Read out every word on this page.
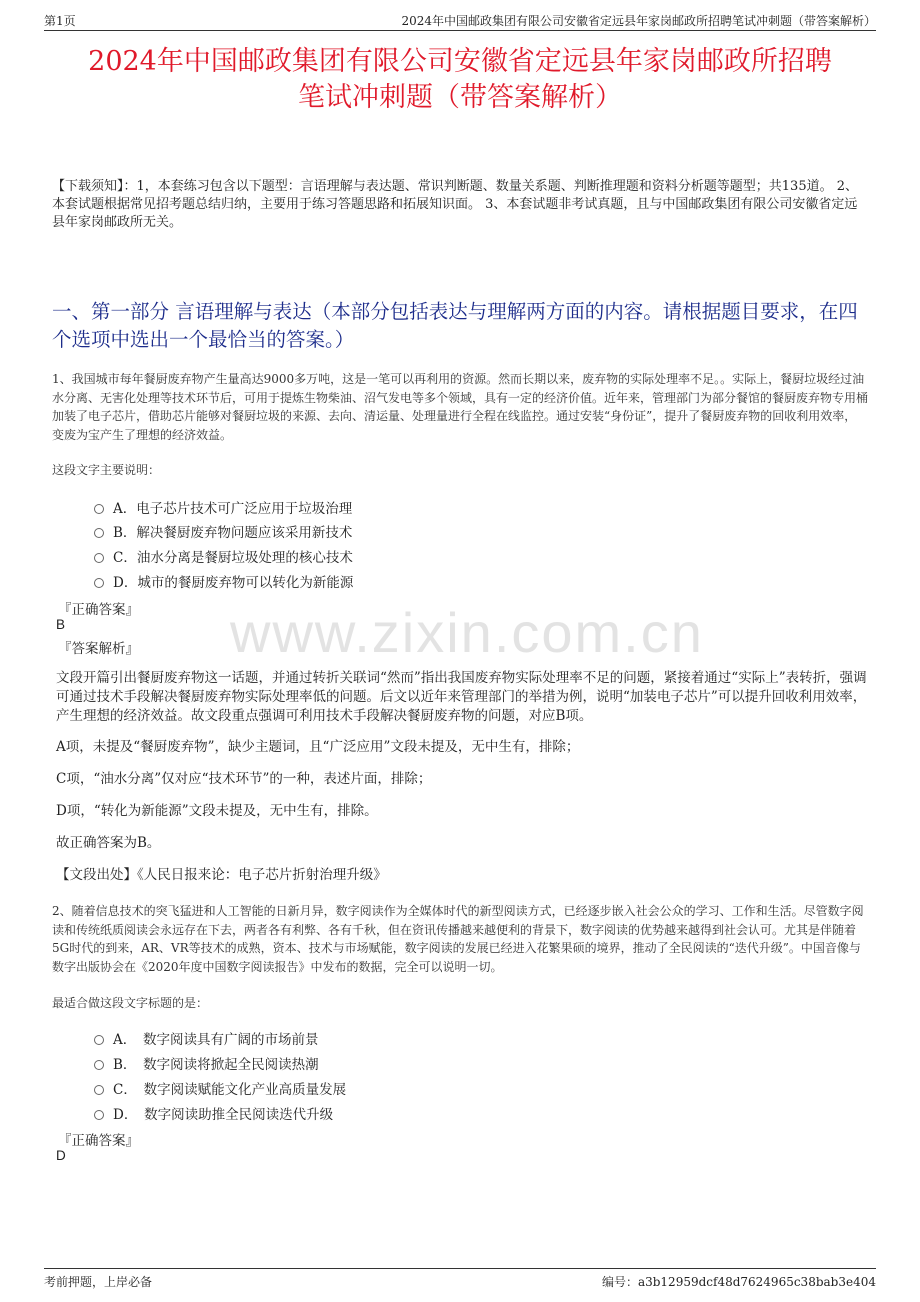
第1页	2024年中国邮政集团有限公司安徽省定远县年家岗邮政所招聘笔试冲刺题（带答案解析）
2024年中国邮政集团有限公司安徽省定远县年家岗邮政所招聘
笔试冲刺题（带答案解析）
【下载须知】：1，本套练习包含以下题型：言语理解与表达题、常识判断题、数量关系题、判断推理题和资料分析题等题型；共135道。 2、本套试题根据常见招考题总结归纳，主要用于练习答题思路和拓展知识面。 3、本套试题非考试真题，且与中国邮政集团有限公司安徽省定远县年家岗邮政所无关。
一、第一部分 言语理解与表达（本部分包括表达与理解两方面的内容。请根据题目要求，在四个选项中选出一个最恰当的答案。）
www.zixin.com.cn
1、我国城市每年餐厨废弃物产生量高达9000多万吨，这是一笔可以再利用的资源。然而长期以来，废弃物的实际处理率不足。。实际上，餐厨垃圾经过油水分离、无害化处理等技术环节后，可用于提炼生物柴油、沼气发电等多个领域，具有一定的经济价值。近年来，管理部门为部分餐馆的餐厨废弃物专用桶加装了电子芯片，借助芯片能够对餐厨垃圾的来源、去向、清运量、处理量进行全程在线监控。通过安装“身份证”，提升了餐厨废弃物的回收利用效率，变废为宝产生了理想的经济效益。
这段文字主要说明：
A．电子芯片技术可广泛应用于垃圾治理
B．解决餐厨废弃物问题应该采用新技术
C．油水分离是餐厨垃圾处理的核心技术
D．城市的餐厨废弃物可以转化为新能源
『正确答案』
B
『答案解析』
文段开篇引出餐厨废弃物这一话题，并通过转折关联词“然而”指出我国废弃物实际处理率不足的问题，紧接着通过“实际上”表转折，强调可通过技术手段解决餐厨废弃物实际处理率低的问题。后文以近年来管理部门的举措为例，说明“加装电子芯片”可以提升回收利用效率，产生理想的经济效益。故文段重点强调可利用技术手段解决餐厨废弃物的问题，对应B项。
A项，未提及“餐厨废弃物”，缺少主题词，且“广泛应用”文段未提及，无中生有，排除；
C项，“油水分离”仅对应“技术环节”的一种，表述片面，排除；
D项，“转化为新能源”文段未提及，无中生有，排除。
故正确答案为B。
【文段出处】《人民日报来论：电子芯片折射治理升级》
2、随着信息技术的突飞猛进和人工智能的日新月异，数字阅读作为全媒体时代的新型阅读方式，已经逐步嵌入社会公众的学习、工作和生活。尽管数字阅读和传统纸质阅读会永远存在下去，两者各有利弊、各有千秋，但在资讯传播越来越便利的背景下，数字阅读的优势越来越得到社会认可。尤其是伴随着5G时代的到来，AR、VR等技术的成熟，资本、技术与市场赋能，数字阅读的发展已经进入花繁果硕的境界，推动了全民阅读的“迭代升级”。中国音像与数字出版协会在《2020年度中国数字阅读报告》中发布的数据，完全可以说明一切。
最适合做这段文字标题的是：
A．　数字阅读具有广阔的市场前景
B．　数字阅读将掀起全民阅读热潮
C．　数字阅读赋能文化产业高质量发展
D．　数字阅读助推全民阅读迭代升级
『正确答案』
D
考前押题，上岸必备	编号：a3b12959dcf48d7624965c38bab3e404
